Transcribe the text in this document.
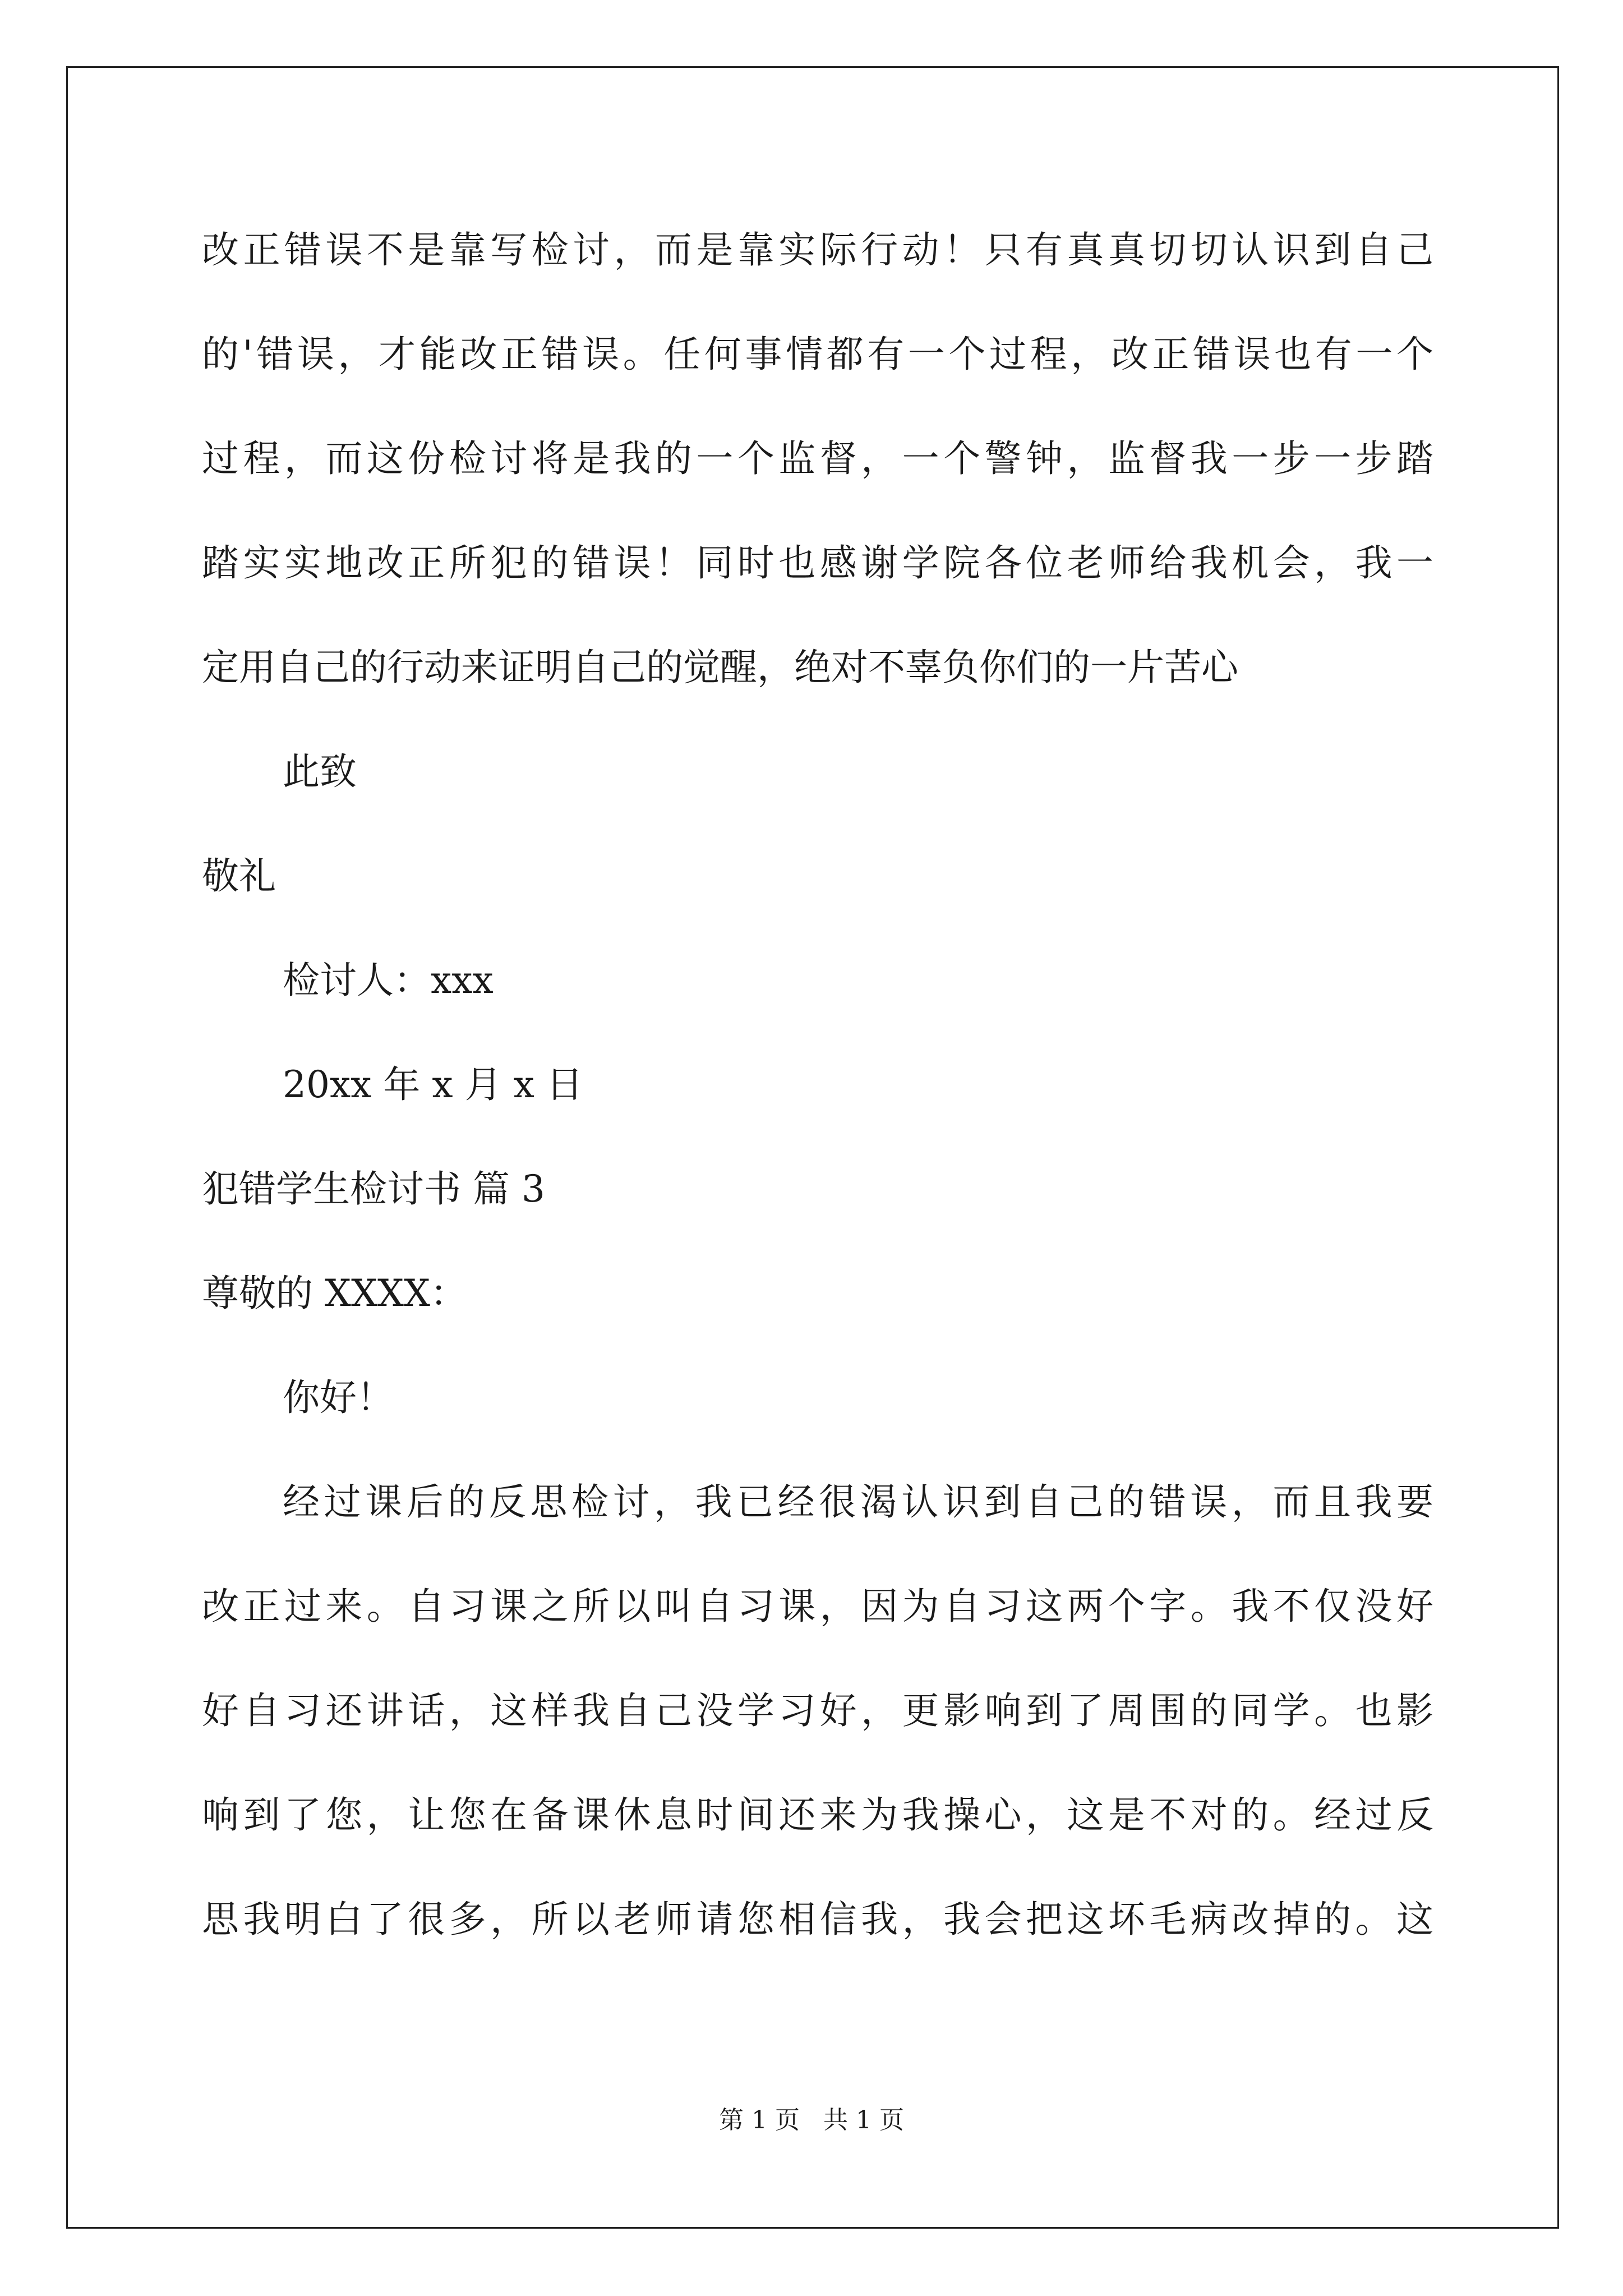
改正错误不是靠写检讨，而是靠实际行动！只有真真切切认识到自己
的'错误，才能改正错误。任何事情都有一个过程，改正错误也有一个
过程，而这份检讨将是我的一个监督，一个警钟，监督我一步一步踏
踏实实地改正所犯的错误！同时也感谢学院各位老师给我机会，我一
定用自己的行动来证明自己的觉醒，绝对不辜负你们的一片苦心
此致
敬礼
检讨人：xxx
20xx 年 x 月 x 日
犯错学生检讨书 篇 3
尊敬的 XXXX：
你好！
经过课后的反思检讨，我已经很渴认识到自己的错误，而且我要
改正过来。自习课之所以叫自习课，因为自习这两个字。我不仅没好
好自习还讲话，这样我自己没学习好，更影响到了周围的同学。也影
响到了您，让您在备课休息时间还来为我操心，这是不对的。经过反
思我明白了很多，所以老师请您相信我，我会把这坏毛病改掉的。这
第 1 页   共 1 页
